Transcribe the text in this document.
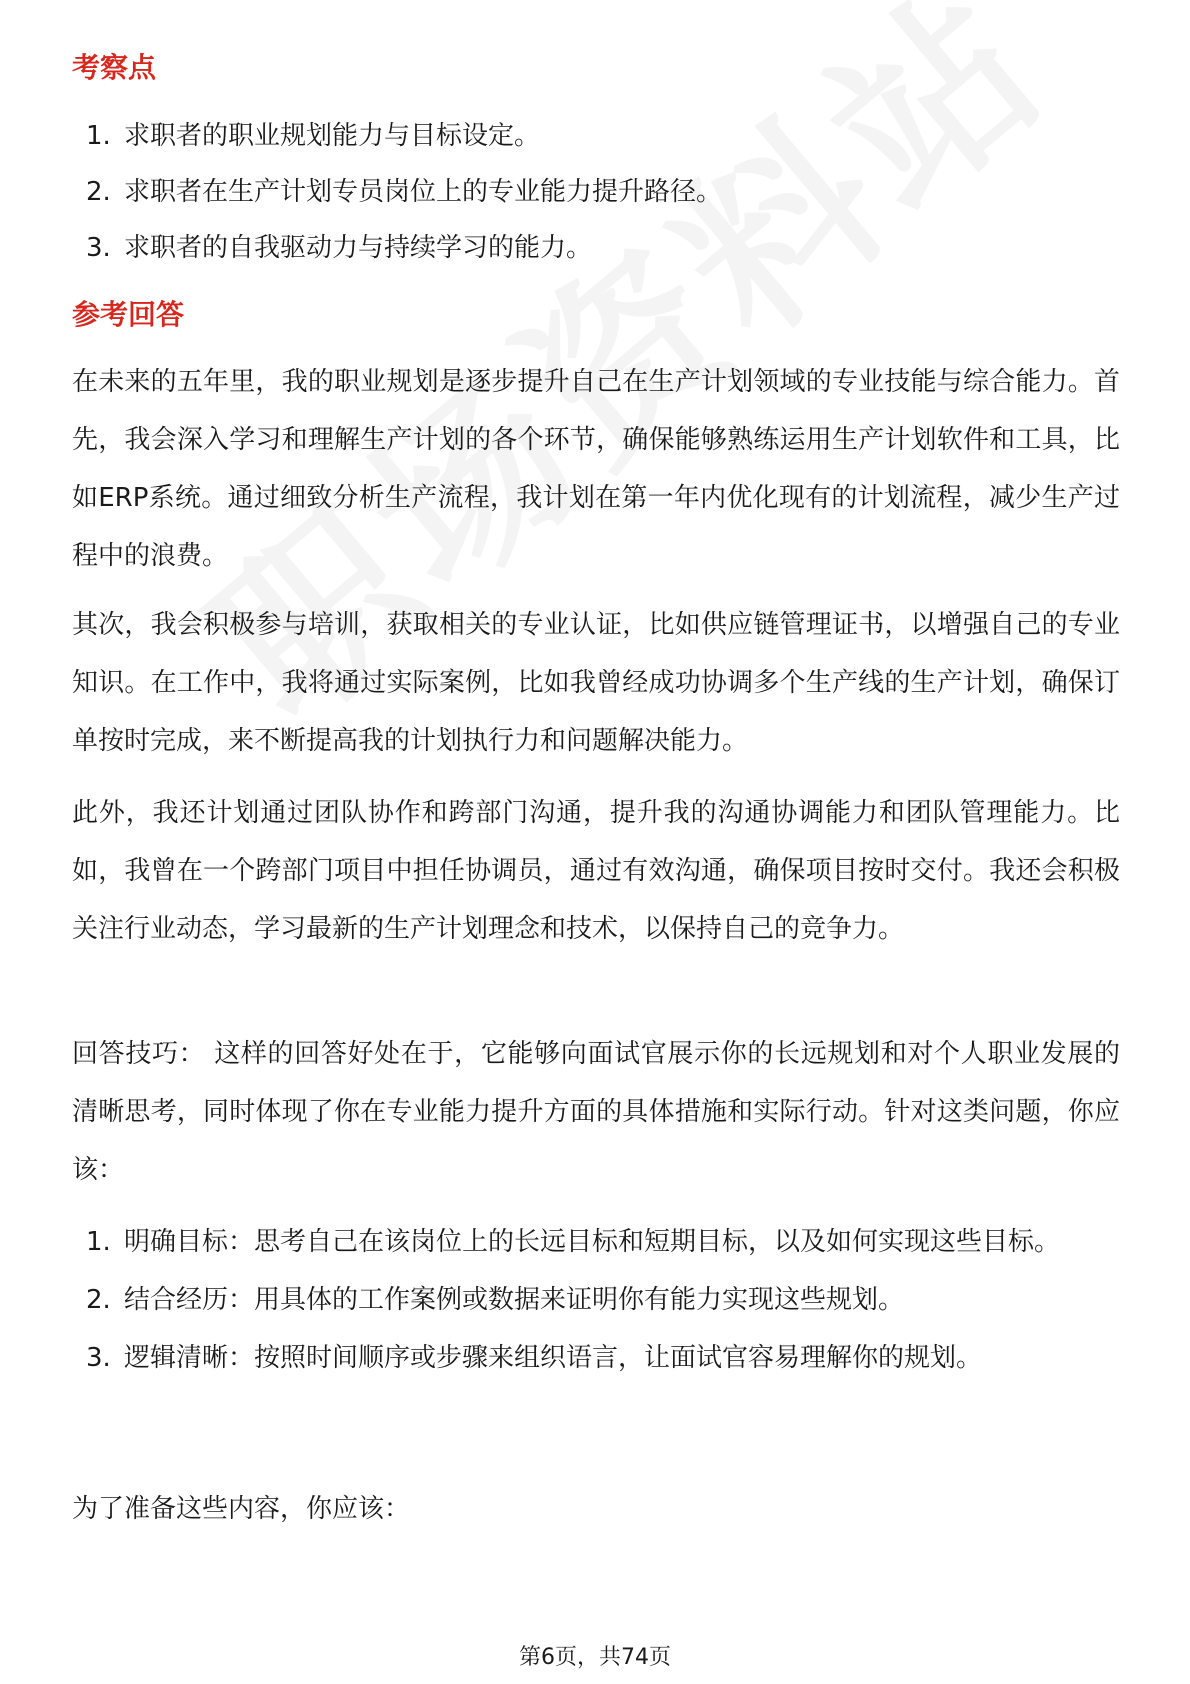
考察点
1. 求职者的职业规划能力与目标设定。
2. 求职者在生产计划专员岗位上的专业能力提升路径。
3. 求职者的自我驱动力与持续学习的能力。
参考回答

在未来的五年里，我的职业规划是逐步提升自己在生产计划领域的专业技能与综合能力。首先，我会深入学习和理解生产计划的各个环节，确保能够熟练运用生产计划软件和工具，比如ERP系统。通过细致分析生产流程，我计划在第一年内优化现有的计划流程，减少生产过程中的浪费。

其次，我会积极参与培训，获取相关的专业认证，比如供应链管理证书，以增强自己的专业知识。在工作中，我将通过实际案例，比如我曾经成功协调多个生产线的生产计划，确保订单按时完成，来不断提高我的计划执行力和问题解决能力。

此外，我还计划通过团队协作和跨部门沟通，提升我的沟通协调能力和团队管理能力。比如，我曾在一个跨部门项目中担任协调员，通过有效沟通，确保项目按时交付。我还会积极关注行业动态，学习最新的生产计划理念和技术，以保持自己的竞争力。

回答技巧： 这样的回答好处在于，它能够向面试官展示你的长远规划和对个人职业发展的清晰思考，同时体现了你在专业能力提升方面的具体措施和实际行动。针对这类问题，你应该：

1. 明确目标：思考自己在该岗位上的长远目标和短期目标，以及如何实现这些目标。
2. 结合经历：用具体的工作案例或数据来证明你有能力实现这些规划。
3. 逻辑清晰：按照时间顺序或步骤来组织语言，让面试官容易理解你的规划。

为了准备这些内容，你应该：

第6页，共74页
